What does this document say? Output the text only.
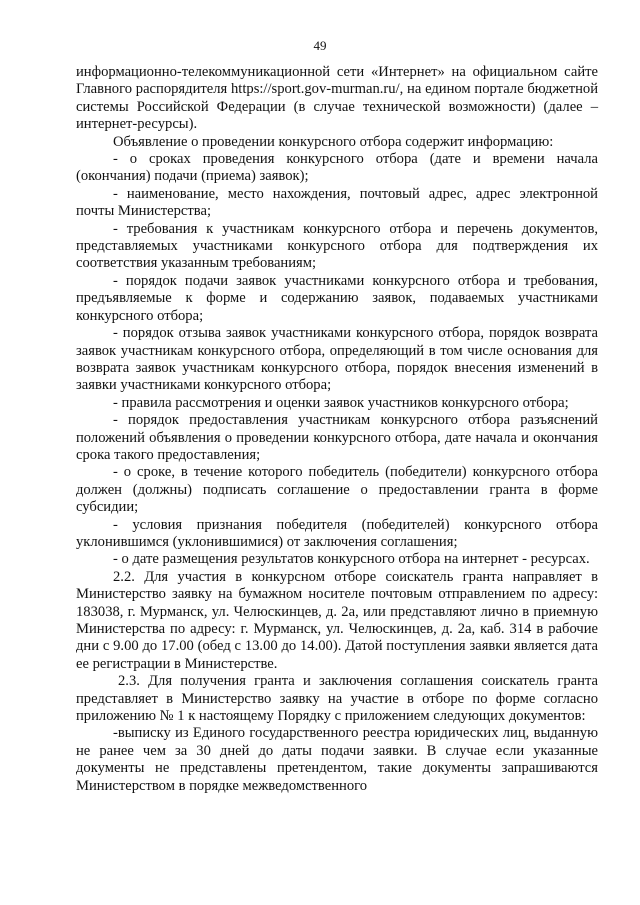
49

информационно-телекоммуникационной сети «Интернет» на официальном сайте Главного распорядителя https://sport.gov-murman.ru/, на едином портале бюджетной системы Российской Федерации (в случае технической возможности) (далее – интернет-ресурсы).

Объявление о проведении конкурсного отбора содержит информацию:

- о сроках проведения конкурсного отбора (дате и времени начала (окончания) подачи (приема) заявок);

- наименование, место нахождения, почтовый адрес, адрес электронной почты Министерства;

- требования к участникам конкурсного отбора и перечень документов, представляемых участниками конкурсного отбора для подтверждения их соответствия указанным требованиям;

- порядок подачи заявок участниками конкурсного отбора и требования, предъявляемые к форме и содержанию заявок, подаваемых участниками конкурсного отбора;

- порядок отзыва заявок участниками конкурсного отбора, порядок возврата заявок участникам конкурсного отбора, определяющий в том числе основания для возврата заявок участникам конкурсного отбора, порядок внесения изменений в заявки участниками конкурсного отбора;

- правила рассмотрения и оценки заявок участников конкурсного отбора;

- порядок предоставления участникам конкурсного отбора разъяснений положений объявления о проведении конкурсного отбора, дате начала и окончания срока такого предоставления;

- о сроке, в течение которого победитель (победители) конкурсного отбора должен (должны) подписать соглашение о предоставлении гранта в форме субсидии;

- условия признания победителя (победителей) конкурсного отбора уклонившимся (уклонившимися) от заключения соглашения;

- о дате размещения результатов конкурсного отбора на интернет - ресурсах.

2.2. Для участия в конкурсном отборе соискатель гранта направляет в Министерство заявку на бумажном носителе почтовым отправлением по адресу: 183038, г. Мурманск, ул. Челюскинцев, д. 2а, или представляют лично в приемную Министерства по адресу: г. Мурманск, ул. Челюскинцев, д. 2а, каб. 314 в рабочие дни с 9.00 до 17.00 (обед с 13.00 до 14.00). Датой поступления заявки является дата ее регистрации в Министерстве.

2.3. Для получения гранта и заключения соглашения соискатель гранта представляет в Министерство заявку на участие в отборе по форме согласно приложению № 1 к настоящему Порядку с приложением следующих документов:

-выписку из Единого государственного реестра юридических лиц, выданную не ранее чем за 30 дней до даты подачи заявки. В случае если указанные документы не представлены претендентом, такие документы запрашиваются Министерством в порядке межведомственного
